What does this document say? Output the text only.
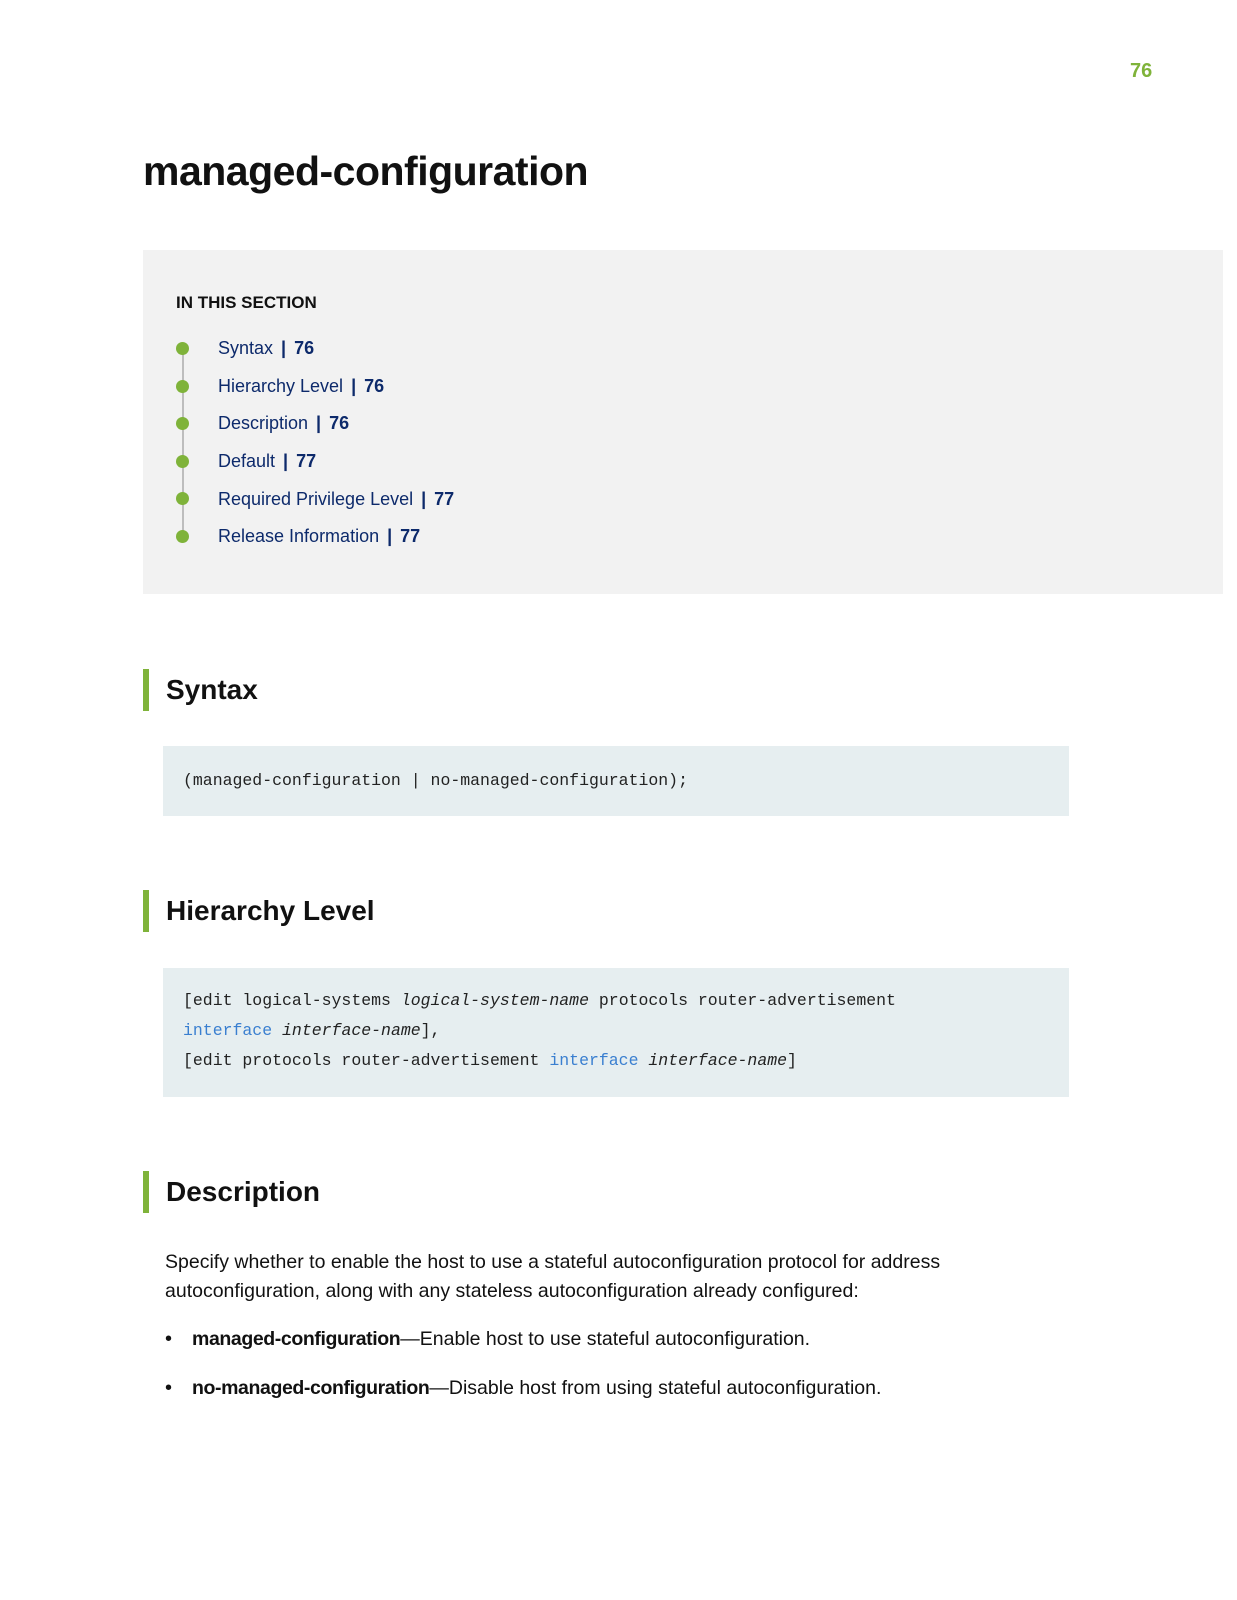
76
managed-configuration
IN THIS SECTION
Syntax | 76
Hierarchy Level | 76
Description | 76
Default | 77
Required Privilege Level | 77
Release Information | 77
Syntax
(managed-configuration | no-managed-configuration);
Hierarchy Level
[edit logical-systems logical-system-name protocols router-advertisement
interface interface-name],
[edit protocols router-advertisement interface interface-name]
Description

Specify whether to enable the host to use a stateful autoconfiguration protocol for address autoconfiguration, along with any stateless autoconfiguration already configured:

•	managed-configuration—Enable host to use stateful autoconfiguration.

•	no-managed-configuration—Disable host from using stateful autoconfiguration.
